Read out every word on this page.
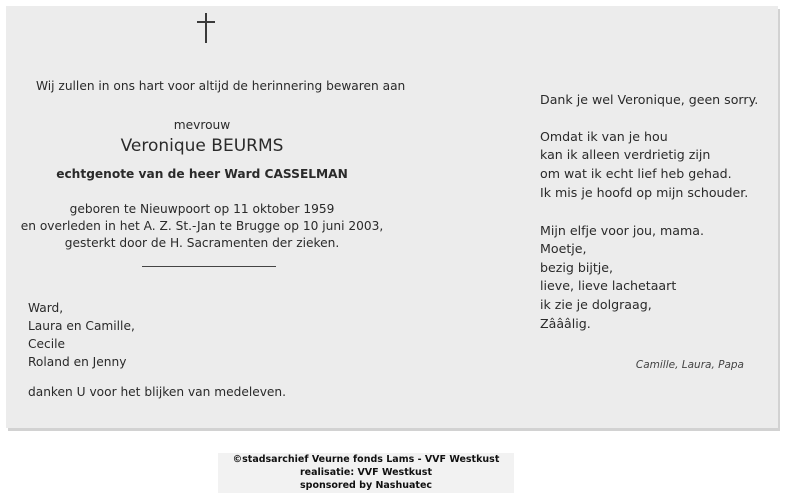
Wij zullen in ons hart voor altijd de herinnering bewaren aan
mevrouw
Veronique BEURMS
echtgenote van de heer Ward CASSELMAN
geboren te Nieuwpoort op 11 oktober 1959
en overleden in het A. Z. St.-Jan te Brugge op 10 juni 2003,
gesterkt door de H. Sacramenten der zieken.
Ward,
Laura en Camille,
Cecile
Roland en Jenny
danken U voor het blijken van medeleven.
Dank je wel Veronique, geen sorry.
Omdat ik van je hou
kan ik alleen verdrietig zijn
om wat ik echt lief heb gehad.
Ik mis je hoofd op mijn schouder.
Mijn elfje voor jou, mama.
Moetje,
bezig bijtje,
lieve, lieve lachetaart
ik zie je dolgraag,
Zâââlig.
Camille, Laura, Papa
©stadsarchief Veurne fonds Lams - VVF Westkust
realisatie: VVF Westkust
sponsored by Nashuatec
